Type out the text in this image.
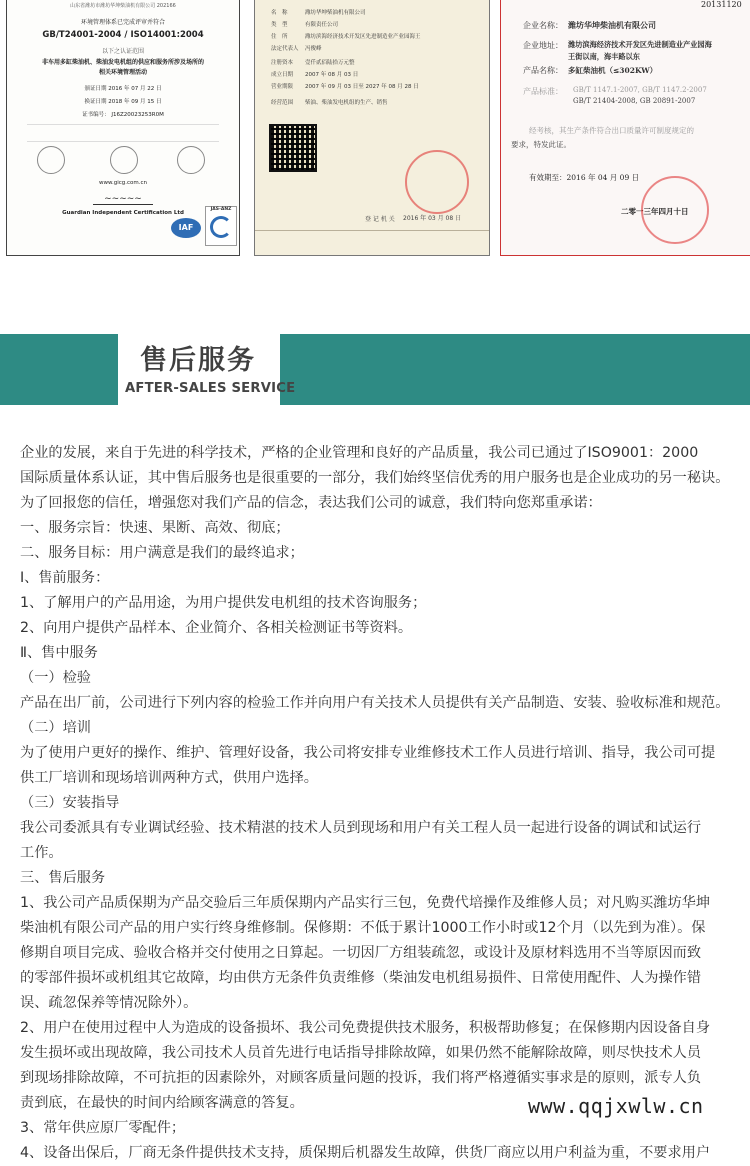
山东省潍坊市潍坊华坤柴油机有限公司 202166
环境管理体系已完成评审并符合
GB/T24001-2004 / ISO14001:2004
以下之认证范围
非车用多缸柴油机、柴油发电机组的供应和服务所涉及场所的
相关环境管理活动
颁证日期 2016 年 07 月 22 日
换证日期 2018 年 09 月 15 日
证书编号： J16Z20023253R0M
www.gicg.com.cn
~~~~~
Guardian Independent Certification Ltd
IAF
JAS-ANZ
名　称	潍坊华坤柴油机有限公司
类　型	有限责任公司
住　所	潍坊滨海经济技术开发区先进制造业产业园海王
法定代表人 冯俊峰
注册资本 壹仟贰佰陆拾万元整
成立日期 2007 年 08 月 03 日
营业期限 2007 年 09 月 03 日至 2027 年 08 月 28 日
经营范围 柴油、柴油发电机组的生产、销售
登 记 机 关 2016 年 03 月 08 日
20131120
企业名称： 潍坊华坤柴油机有限公司
企业地址： 潍坊滨海经济技术开发区先进制造业产业园海
王街以南，海丰路以东
产品名称： 多缸柴油机（≤302KW）
产品标准： GB/T 1147.1-2007, GB/T 1147.2-2007
GB/T 21404-2008, GB 20891-2007
经考核，其生产条件符合出口质量许可制度规定的
要求，特发此证。
有效期至：2016 年 04 月 09 日
二零一三年四月十日
售后服务
AFTER-SALES SERVICE
企业的发展，来自于先进的科学技术，严格的企业管理和良好的产品质量，我公司已通过了ISO9001：2000
国际质量体系认证，其中售后服务也是很重要的一部分，我们始终坚信优秀的用户服务也是企业成功的另一秘诀。
为了回报您的信任，增强您对我们产品的信念，表达我们公司的诚意，我们特向您郑重承诺：
一、服务宗旨：快速、果断、高效、彻底；
二、服务目标：用户满意是我们的最终追求；
Ⅰ、售前服务：
1、了解用户的产品用途，为用户提供发电机组的技术咨询服务；
2、向用户提供产品样本、企业简介、各相关检测证书等资料。
Ⅱ、售中服务
（一）检验
产品在出厂前，公司进行下列内容的检验工作并向用户有关技术人员提供有关产品制造、安装、验收标准和规范。
（二）培训
为了使用户更好的操作、维护、管理好设备，我公司将安排专业维修技术工作人员进行培训、指导，我公司可提
供工厂培训和现场培训两种方式，供用户选择。
（三）安装指导
我公司委派具有专业调试经验、技术精湛的技术人员到现场和用户有关工程人员一起进行设备的调试和试运行
工作。
三、售后服务
1、我公司产品质保期为产品交验后三年质保期内产品实行三包，免费代培操作及维修人员；对凡购买潍坊华坤
柴油机有限公司产品的用户实行终身维修制。保修期：不低于累计1000工作小时或12个月（以先到为准）。保
修期自项目完成、验收合格并交付使用之日算起。一切因厂方组装疏忽，或设计及原材料选用不当等原因而致
的零部件损坏或机组其它故障，均由供方无条件负责维修（柴油发电机组易损件、日常使用配件、人为操作错
误、疏忽保养等情况除外）。
2、用户在使用过程中人为造成的设备损坏、我公司免费提供技术服务，积极帮助修复；在保修期内因设备自身
发生损坏或出现故障，我公司技术人员首先进行电话指导排除故障，如果仍然不能解除故障，则尽快技术人员
到现场排除故障，不可抗拒的因素除外，对顾客质量问题的投诉，我们将严格遵循实事求是的原则，派专人负
责到底，在最快的时间内给顾客满意的答复。
3、常年供应原厂零配件；
4、设备出保后，厂商无条件提供技术支持，质保期后机器发生故障，供货厂商应以用户利益为重，不要求用户
www.qqjxwlw.cn
